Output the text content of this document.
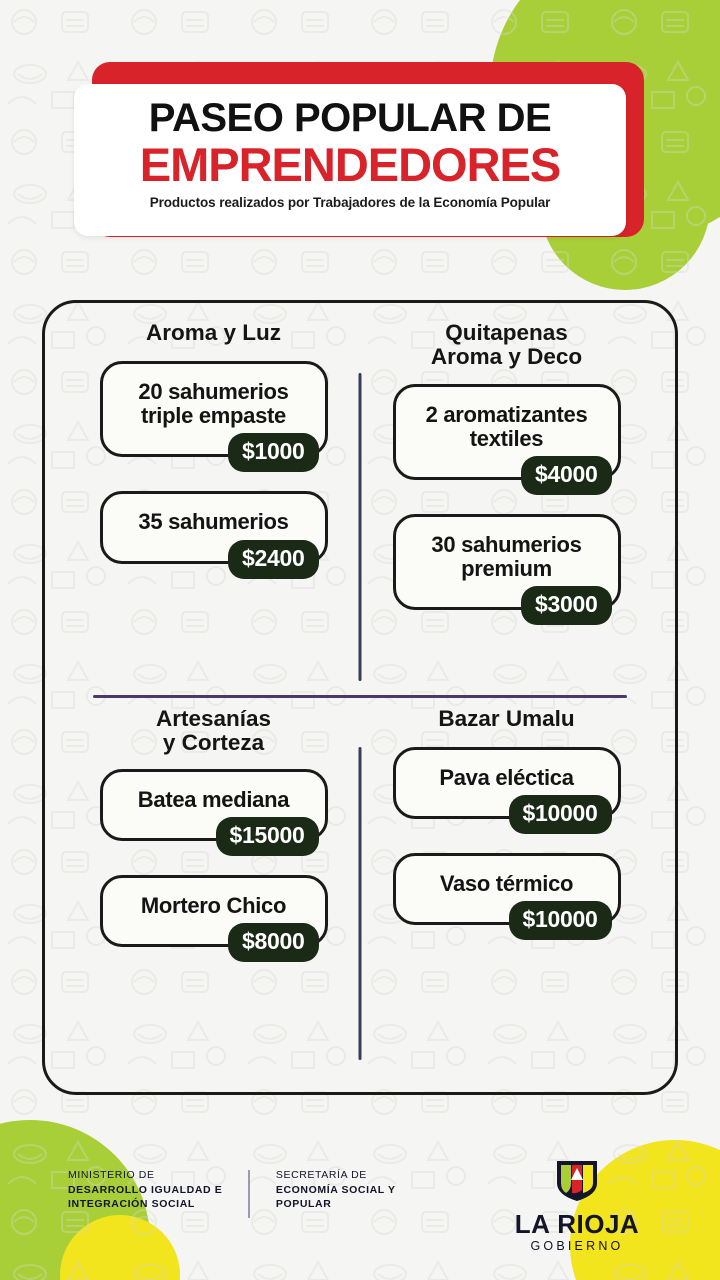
PASEO POPULAR DE
EMPRENDEDORES
Productos realizados por Trabajadores de la Economía Popular
Aroma y Luz
20 sahumerios triple empaste
$1000
35 sahumerios
$2400
Quitapenas
Aroma y Deco
2 aromatizantes textiles
$4000
30 sahumerios premium
$3000
Artesanías
y Corteza
Batea mediana
$15000
Mortero Chico
$8000
Bazar Umalu
Pava eléctica
$10000
Vaso térmico
$10000
MINISTERIO DE
DESARROLLO IGUALDAD E
INTEGRACIÓN SOCIAL
SECRETARÍA DE
ECONOMÍA SOCIAL Y
POPULAR
LA RIOJA
GOBIERNO
